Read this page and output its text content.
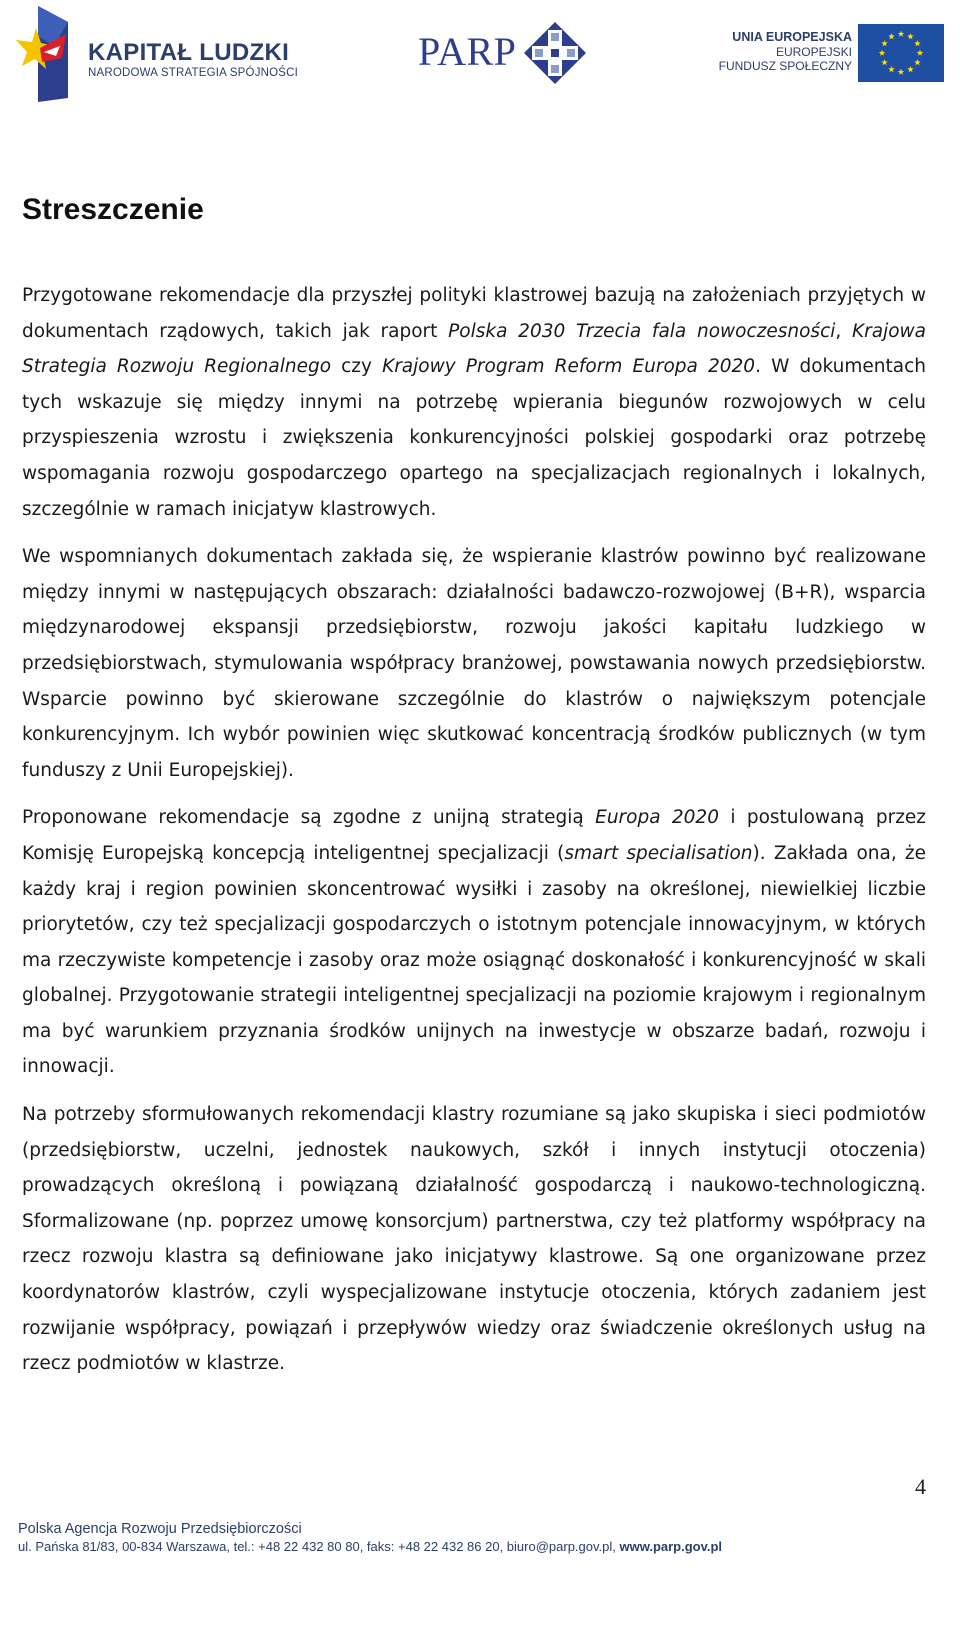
KAPITAŁ LUDZKI
NARODOWA STRATEGIA SPÓJNOŚCI	PARP	UNIA EUROPEJSKA
EUROPEJSKI
FUNDUSZ SPOŁECZNY
Streszczenie

Przygotowane rekomendacje dla przyszłej polityki klastrowej bazują na założeniach przyjętych w dokumentach rządowych, takich jak raport Polska 2030 Trzecia fala nowoczesności, Krajowa Strategia Rozwoju Regionalnego czy Krajowy Program Reform Europa 2020. W dokumentach tych wskazuje się między innymi na potrzebę wpierania biegunów rozwojowych w celu przyspieszenia wzrostu i zwiększenia konkurencyjności polskiej gospodarki oraz potrzebę wspomagania rozwoju gospodarczego opartego na specjalizacjach regionalnych i lokalnych, szczególnie w ramach inicjatyw klastrowych.

We wspomnianych dokumentach zakłada się, że wspieranie klastrów powinno być realizowane między innymi w następujących obszarach: działalności badawczo-rozwojowej (B+R), wsparcia międzynarodowej ekspansji przedsiębiorstw, rozwoju jakości kapitału ludzkiego w przedsiębiorstwach, stymulowania współpracy branżowej, powstawania nowych przedsiębiorstw. Wsparcie powinno być skierowane szczególnie do klastrów o największym potencjale konkurencyjnym. Ich wybór powinien więc skutkować koncentracją środków publicznych (w tym funduszy z Unii Europejskiej).

Proponowane rekomendacje są zgodne z unijną strategią Europa 2020 i postulowaną przez Komisję Europejską koncepcją inteligentnej specjalizacji (smart specialisation). Zakłada ona, że każdy kraj i region powinien skoncentrować wysiłki i zasoby na określonej, niewielkiej liczbie priorytetów, czy też specjalizacji gospodarczych o istotnym potencjale innowacyjnym, w których ma rzeczywiste kompetencje i zasoby oraz może osiągnąć doskonałość i konkurencyjność w skali globalnej. Przygotowanie strategii inteligentnej specjalizacji na poziomie krajowym i regionalnym ma być warunkiem przyznania środków unijnych na inwestycje w obszarze badań, rozwoju i innowacji.

Na potrzeby sformułowanych rekomendacji klastry rozumiane są jako skupiska i sieci podmiotów (przedsiębiorstw, uczelni, jednostek naukowych, szkół i innych instytucji otoczenia) prowadzących określoną i powiązaną działalność gospodarczą i naukowo-technologiczną. Sformalizowane (np. poprzez umowę konsorcjum) partnerstwa, czy też platformy współpracy na rzecz rozwoju klastra są definiowane jako inicjatywy klastrowe. Są one organizowane przez koordynatorów klastrów, czyli wyspecjalizowane instytucje otoczenia, których zadaniem jest rozwijanie współpracy, powiązań i przepływów wiedzy oraz świadczenie określonych usług na rzecz podmiotów w klastrze.

4
Polska Agencja Rozwoju Przedsiębiorczości
ul. Pańska 81/83, 00-834 Warszawa, tel.: +48 22 432 80 80, faks: +48 22 432 86 20, biuro@parp.gov.pl, www.parp.gov.pl
